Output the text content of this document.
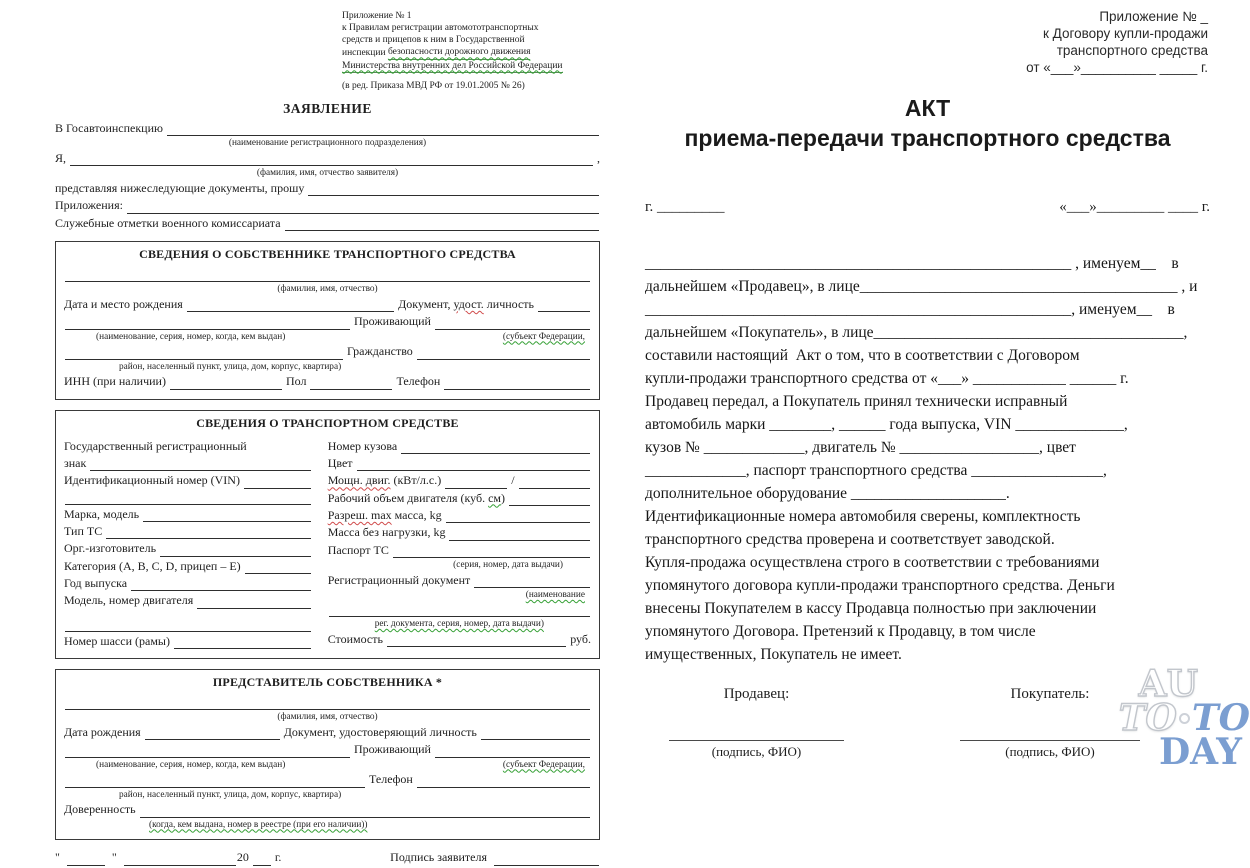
Приложение № 1
к Правилам регистрации автомототранспортных
средств и прицепов к ним в Государственной
инспекции безопасности дорожного движения
Министерства внутренних дел Российской Федерации
(в ред. Приказа МВД РФ от 19.01.2005 № 26)
ЗАЯВЛЕНИЕ
В Госавтоинспекцию
(наименование регистрационного подразделения)
Я,	,
(фамилия, имя, отчество заявителя)
представляя нижеследующие документы, прошу
Приложения:
Служебные отметки военного комиссариата
СВЕДЕНИЯ О СОБСТВЕННИКЕ ТРАНСПОРТНОГО СРЕДСТВА
(фамилия, имя, отчество)
Дата и место рождения	Документ, удост. личность
Проживающий
(наименование, серия, номер, когда, кем выдан)	(субъект Федерации,
Гражданство
район, населенный пункт, улица, дом, корпус, квартира)
ИНН (при наличии)	Пол	Телефон
СВЕДЕНИЯ О ТРАНСПОРТНОМ СРЕДСТВЕ
Государственный регистрационный
знак
Идентификационный номер (VIN)
Марка, модель
Тип ТС
Орг.-изготовитель
Категория (A, B, C, D, прицеп – E)
Год выпуска
Модель, номер двигателя
Номер шасси (рамы)
Номер кузова
Цвет
Мощн. двиг. (кВт/л.с.)	/
Рабочий объем двигателя (куб. см )
Разреш. max масса, kg
Масса без нагрузки, kg
Паспорт ТС
(серия, номер, дата выдачи)
Регистрационный документ
(наименование
рег. документа, серия, номер, дата выдачи)
Стоимость	руб.
ПРЕДСТАВИТЕЛЬ СОБСТВЕННИКА *
(фамилия, имя, отчество)
Дата рождения	Документ, удостоверяющий личность
Проживающий
(наименование, серия, номер, когда, кем выдан)	(субъект Федерации,
Телефон
район, населенный пункт, улица, дом, корпус, квартира)
Доверенность
(когда, кем выдана, номер в реестре (при его наличии))
"	"	20 г.	Подпись заявителя
Приложение № _
к Договору купли-продажи
транспортного средства
от «___»__________ _____ г.
АКТ
приема-передачи транспортного средства
г. _________	«___»_________ ____ г.
_______________________________________________________ , именуем__    в
дальнейшем «Продавец», в лице_________________________________________ , и
_______________________________________________________, именуем__    в
дальнейшем «Покупатель», в лице________________________________________,
составили настоящий  Акт о том, что в соответствии с Договором
купли-продажи транспортного средства от «___» ____________ ______ г.
Продавец передал, а Покупатель принял технически исправный
автомобиль марки ________, ______ года выпуска, VIN ______________,
кузов № _____________, двигатель № __________________, цвет
_____________, паспорт транспортного средства _________________,
дополнительное оборудование ____________________.
Идентификационные номера автомобиля сверены, комплектность
транспортного средства проверена и соответствует заводской.
Купля-продажа осуществлена строго в соответствии с требованиями
упомянутого договора купли-продажи транспортного средства. Деньги
внесены Покупателем в кассу Продавца полностью при заключении
упомянутого Договора. Претензий к Продавцу, в том числе
имущественных, Покупатель не имеет.
Продавец:
(подпись, ФИО)
Покупатель:
(подпись, ФИО)
AU
TO TO
DAY
